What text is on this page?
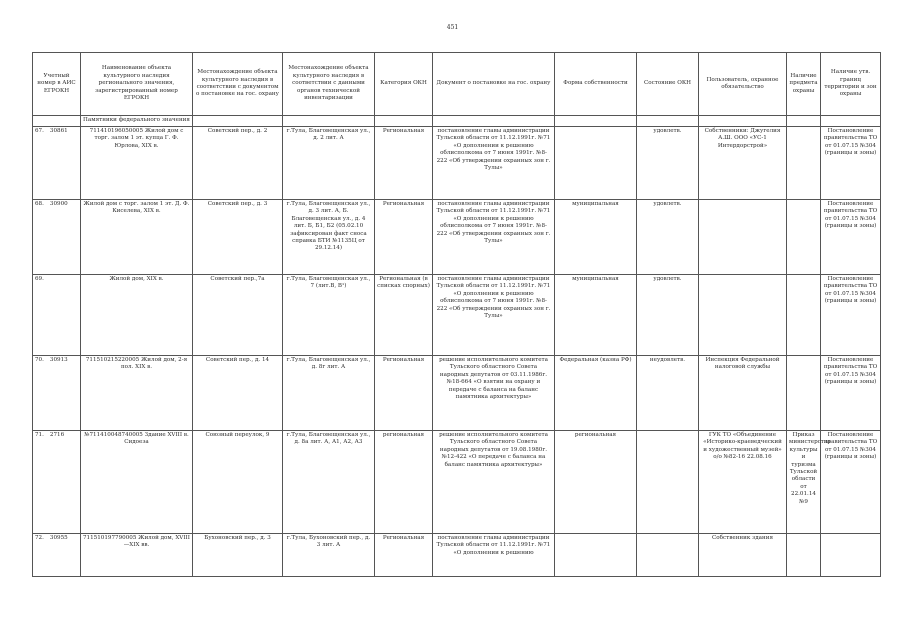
451
Учетный номер в АИС ЕГРОКН	Наименование объекта культурного наследия регионального значения, зарегистрированный номер ЕГРОКН	Местонахождение объекта культурного наследия в соответствии с документом о постановке на гос. охрану	Местонахождение объекта культурного наследия в соответствии с данными органов технической инвентаризации	Категория ОКН	Документ о постановке на гос. охрану	Форма собственности	Состояние ОКН	Пользователь, охранное обязательство	Наличие предмета охраны	Наличие утв. границ территории и зон охраны
	Памятники федерального значения									
67. 30861	711410196050005 Жилой дом с торг. залом 1 эт. купца Г. Ф. Юрлова, XIX в.	Советский пер., д. 2	г.Тула, Благовещенская ул., д. 2 лит. А	Региональная	постановление главы администрации Тульской области от 11.12.1991г. №71 «О дополнении к решению облисполкома от 7 июня 1991г. №8-222 «Об утверждении охранных зон г. Тулы»		удовлетв.	Собственники: Джугелия А.Ш. ООО «УС-1 Интердорстрой»		Постановление правительства ТО от 01.07.15 №304 (границы и зоны)
68. 30900	Жилой дом с торг. залом 1 эт. Д. Ф. Киселева, XIX в.	Советский пер., д. 3	г.Тула, Благовещенская ул., д. 3 лит. А, Б. Благовещенская ул., д. 4 лит. Б, Б1, Б2 (05.02.10 зафиксирован факт сноса справка БТИ №1135Ц от 29.12.14)	Региональная	постановление главы администрации Тульской области от 11.12.1991г. №71 «О дополнении к решению облисполкома от 7 июня 1991г. №8-222 «Об утверждении охранных зон г. Тулы»	муниципальная	удовлетв.			Постановление правительства ТО от 01.07.15 №304 (границы и зоны)
69.	Жилой дом, XIX в.	Советский пер.,7а	г.Тула, Благовещенская ул., 7 (лит.В, В¹)	Региональная (в списках спорных)	постановление главы администрации Тульской области от 11.12.1991г. №71 «О дополнении к решению облисполкома от 7 июня 1991г. №8-222 «Об утверждении охранных зон г. Тулы»	муниципальная	удовлетв.			Постановление правительства ТО от 01.07.15 №304 (границы и зоны)
70. 30913	711510215220005 Жилой дом, 2-я пол. XIX в.	Советский пер., д. 14	г.Тула, Благовещенская ул., д. 8г лит. А	Региональная	решение исполнительного комитета Тульского областного Совета народных депутатов от 03.11.1986г. №18-664 «О взятии на охрану и передаче с баланса на баланс памятника архитектуры»	Федеральная (казна РФ)	неудовлетв.	Инспекция Федеральной налоговой службы		Постановление правительства ТО от 01.07.15 №304 (границы и зоны)
71. 2716	№711410048740005 Здание XVIII в. Сидоеза	Союзный переулок, 9	г.Тула, Благовещенская ул., д. 8а лит. А, А1, А2, А3	региональная	решение исполнительного комитета Тульского областного Совета народных депутатов от 19.08.1980г. №12-422 «О передаче с баланса на баланс памятника архитектуры»	региональная		ГУК ТО «Объединение «Историко-краеведческий и художественный музей» о/о №82-16 22.08.16	Приказ министерства культуры и туризма Тульской области от 22.01.14 №9	Постановление правительства ТО от 01.07.15 №304 (границы и зоны)
72. 30955	711510197790005 Жилой дом, XVIII—XIX вв.	Бухоновский пер., д. 3	г.Тула, Бухоновский пер., д. 3 лит. А	Региональная	постановление главы администрации Тульской области от 11.12.1991г. №71 «О дополнении к решению			Собственник здания		
